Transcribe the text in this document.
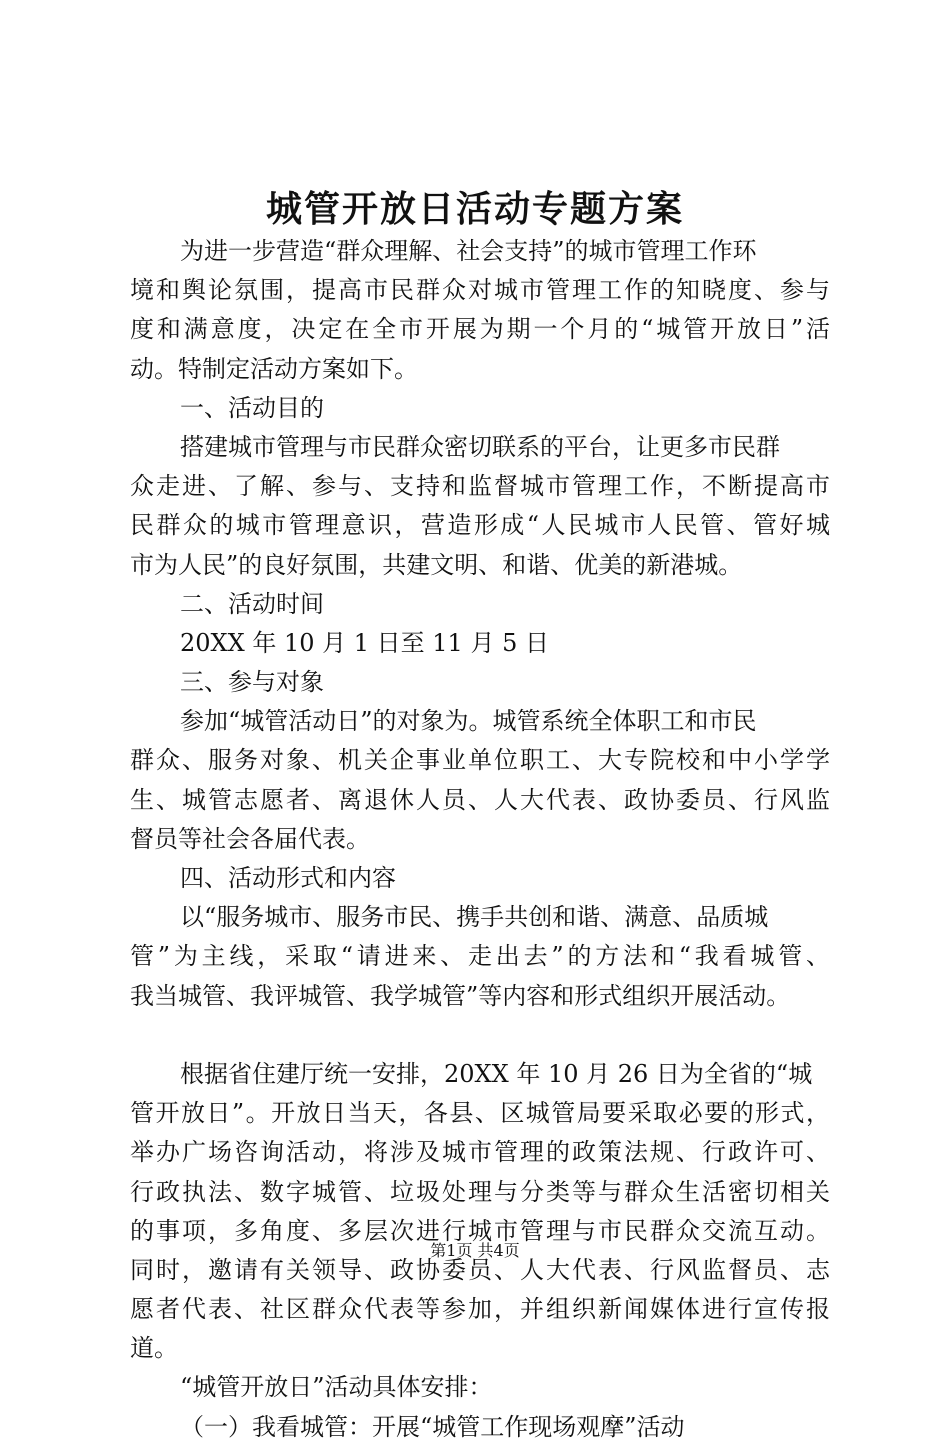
城管开放日活动专题方案
为进一步营造“群众理解、社会支持”的城市管理工作环
境和舆论氛围，提高市民群众对城市管理工作的知晓度、参与
度和满意度，决定在全市开展为期一个月的“城管开放日”活
动。特制定活动方案如下。
一、活动目的
搭建城市管理与市民群众密切联系的平台，让更多市民群
众走进、了解、参与、支持和监督城市管理工作，不断提高市
民群众的城市管理意识，营造形成“人民城市人民管、管好城
市为人民”的良好氛围，共建文明、和谐、优美的新港城。
二、活动时间
20XX 年 10 月 1 日至 11 月 5 日
三、参与对象
参加“城管活动日”的对象为。城管系统全体职工和市民
群众、服务对象、机关企事业单位职工、大专院校和中小学学
生、城管志愿者、离退休人员、人大代表、政协委员、行风监
督员等社会各届代表。
四、活动形式和内容
以“服务城市、服务市民、携手共创和谐、满意、品质城
管”为主线，采取“请进来、走出去”的方法和“我看城管、
我当城管、我评城管、我学城管”等内容和形式组织开展活动。
根据省住建厅统一安排，20XX 年 10 月 26 日为全省的“城
管开放日”。开放日当天，各县、区城管局要采取必要的形式，
举办广场咨询活动，将涉及城市管理的政策法规、行政许可、
行政执法、数字城管、垃圾处理与分类等与群众生活密切相关
的事项，多角度、多层次进行城市管理与市民群众交流互动。
同时，邀请有关领导、政协委员、人大代表、行风监督员、志
愿者代表、社区群众代表等参加，并组织新闻媒体进行宣传报
道。
“城管开放日”活动具体安排：
（一）我看城管：开展“城管工作现场观摩”活动
第1页 共4页
